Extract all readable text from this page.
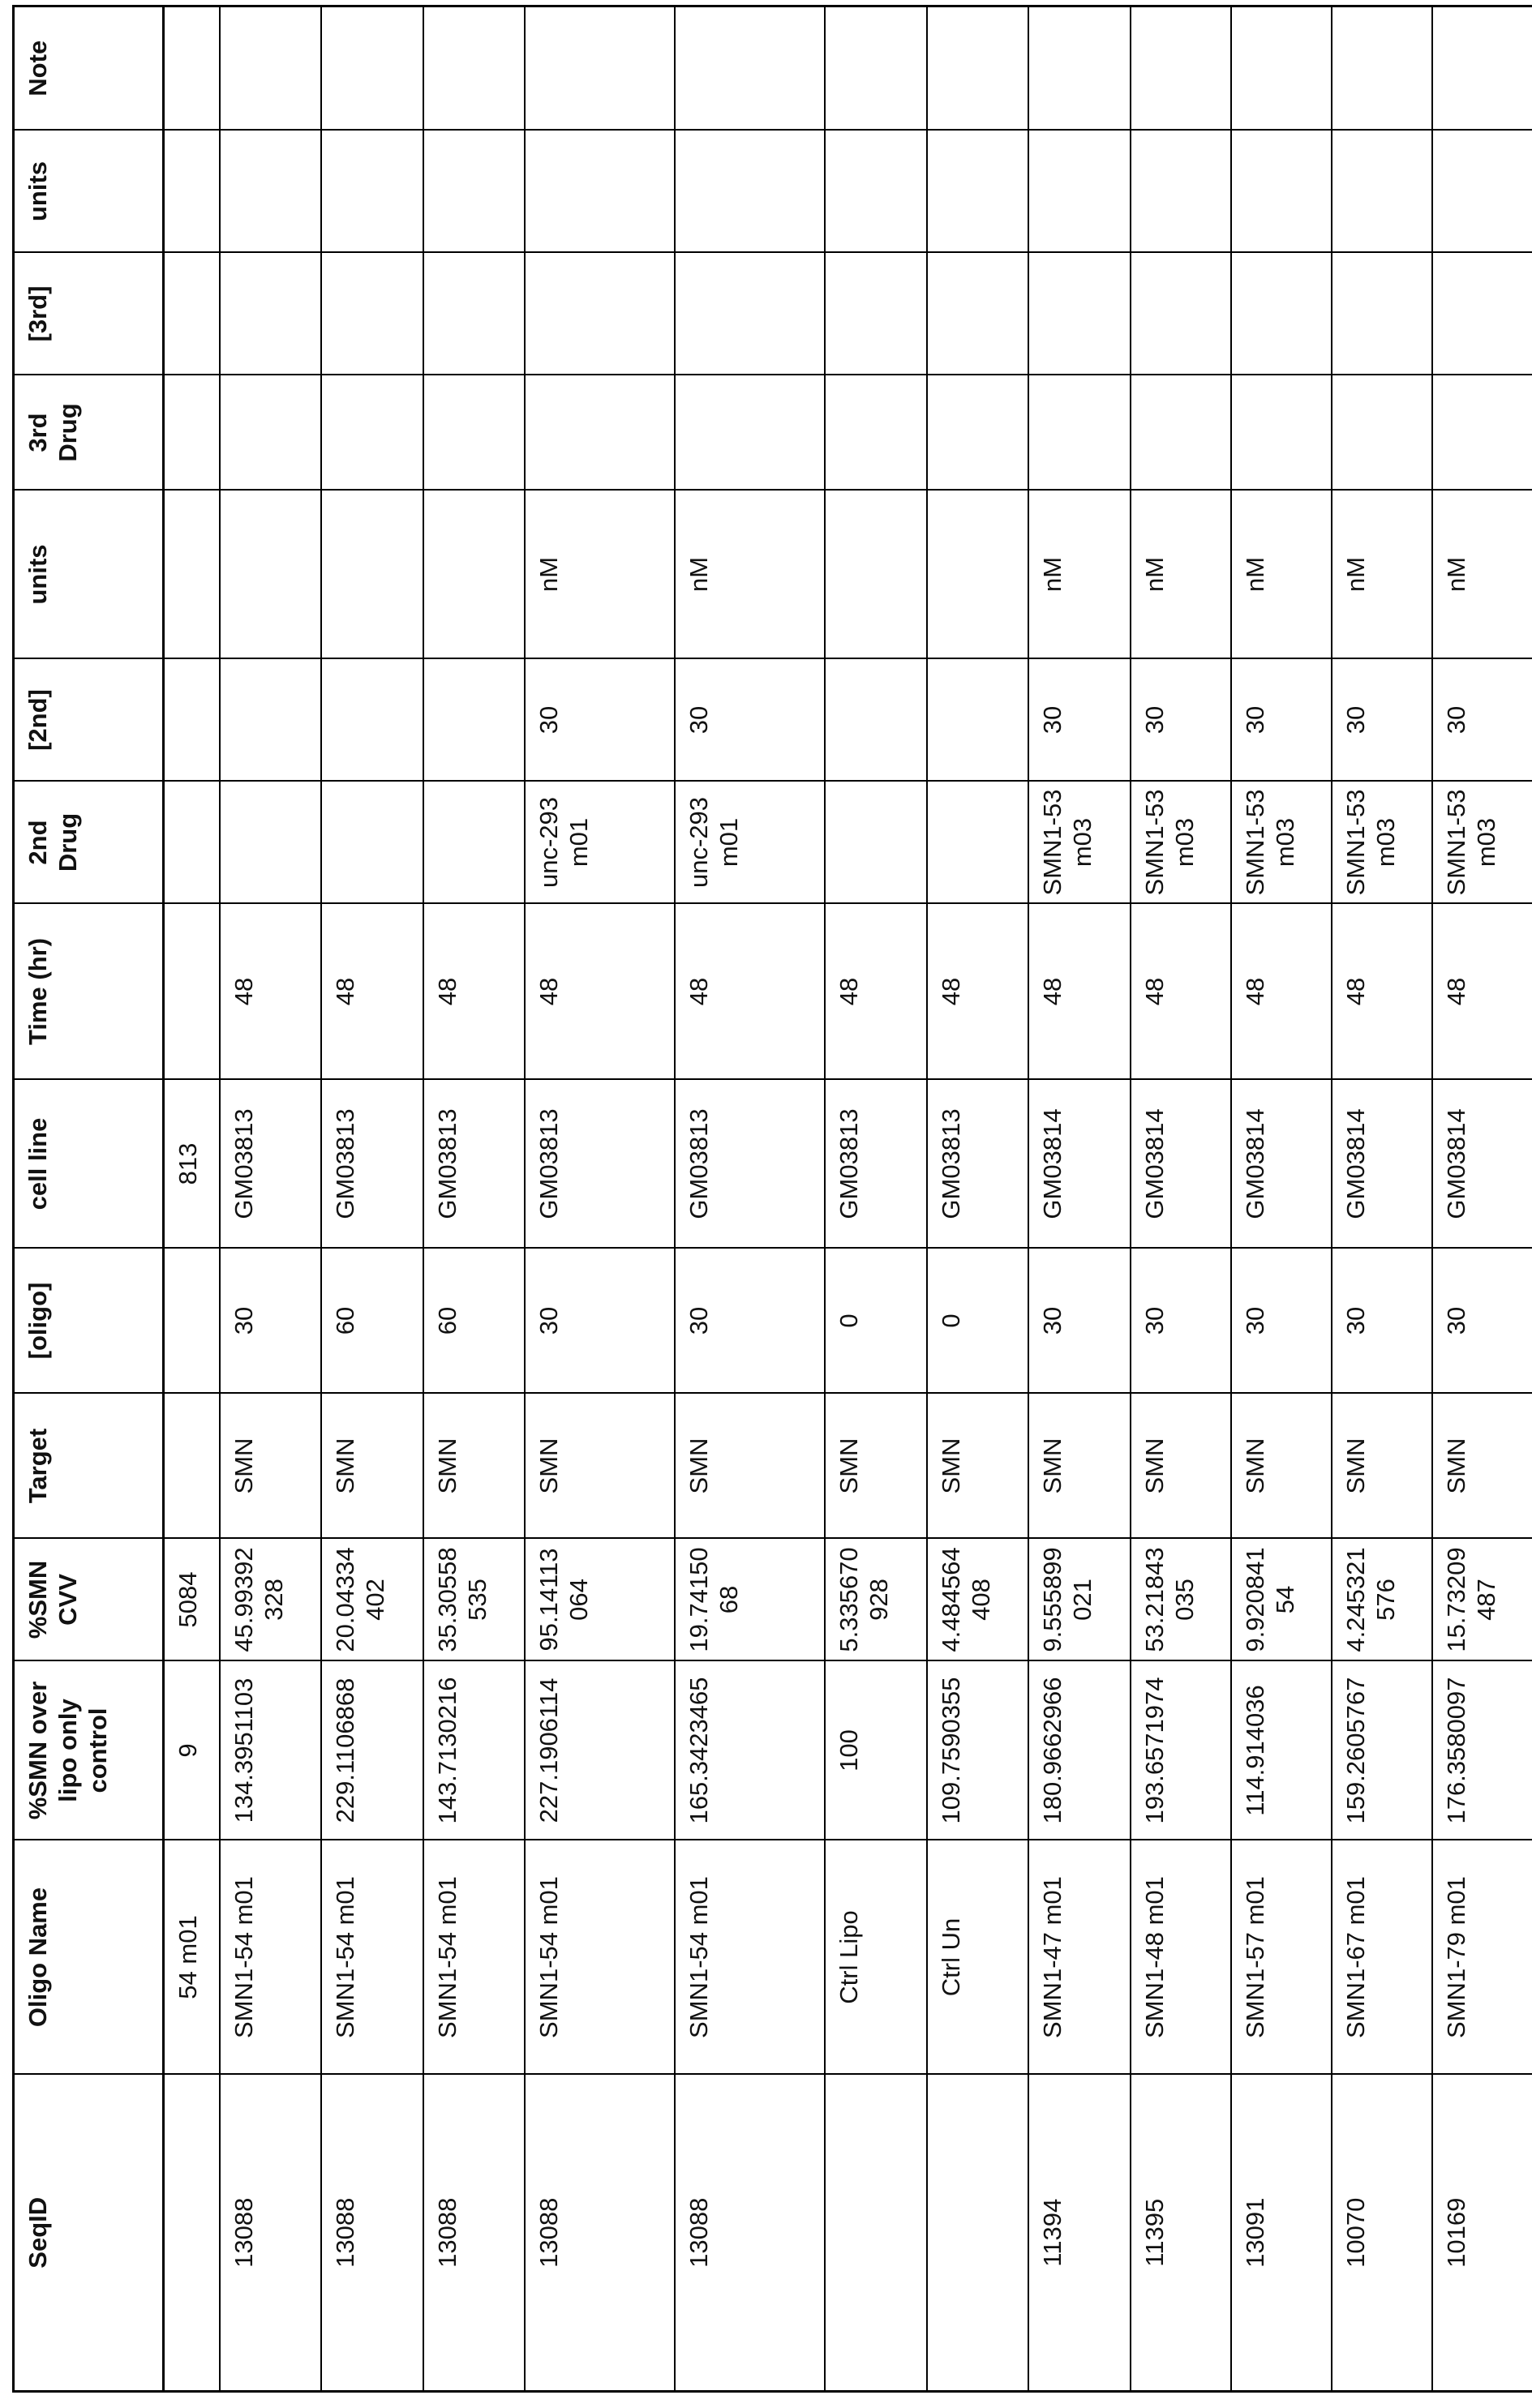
SeqID	Oligo Name	%SMN over lipo only control	%SMN CVV	Target	[oligo]	cell line	Time (hr)	2nd Drug	[2nd]	units	3rd Drug	[3rd]	units	Note
	54 m01	9	5084			813								
13088	SMN1-54 m01	134.3951103	45.99392328	SMN	30	GM03813	48							
13088	SMN1-54 m01	229.1106868	20.04334402	SMN	60	GM03813	48							
13088	SMN1-54 m01	143.7130216	35.30558535	SMN	60	GM03813	48							
13088	SMN1-54 m01	227.1906114	95.14113064	SMN	30	GM03813	48	unc-293 m01	30	nM				
13088	SMN1-54 m01	165.3423465	19.7415068	SMN	30	GM03813	48	unc-293 m01	30	nM				
	Ctrl Lipo	100	5.335670928	SMN	0	GM03813	48							
	Ctrl Un	109.7590355	4.484564408	SMN	0	GM03813	48							
11394	SMN1-47 m01	180.9662966	9.555899021	SMN	30	GM03814	48	SMN1-53 m03	30	nM				
11395	SMN1-48 m01	193.6571974	53.21843035	SMN	30	GM03814	48	SMN1-53 m03	30	nM				
13091	SMN1-57 m01	114.914036	9.92084154	SMN	30	GM03814	48	SMN1-53 m03	30	nM				
10070	SMN1-67 m01	159.2605767	4.245321576	SMN	30	GM03814	48	SMN1-53 m03	30	nM				
10169	SMN1-79 m01	176.3580097	15.73209487	SMN	30	GM03814	48	SMN1-53 m03	30	nM				
